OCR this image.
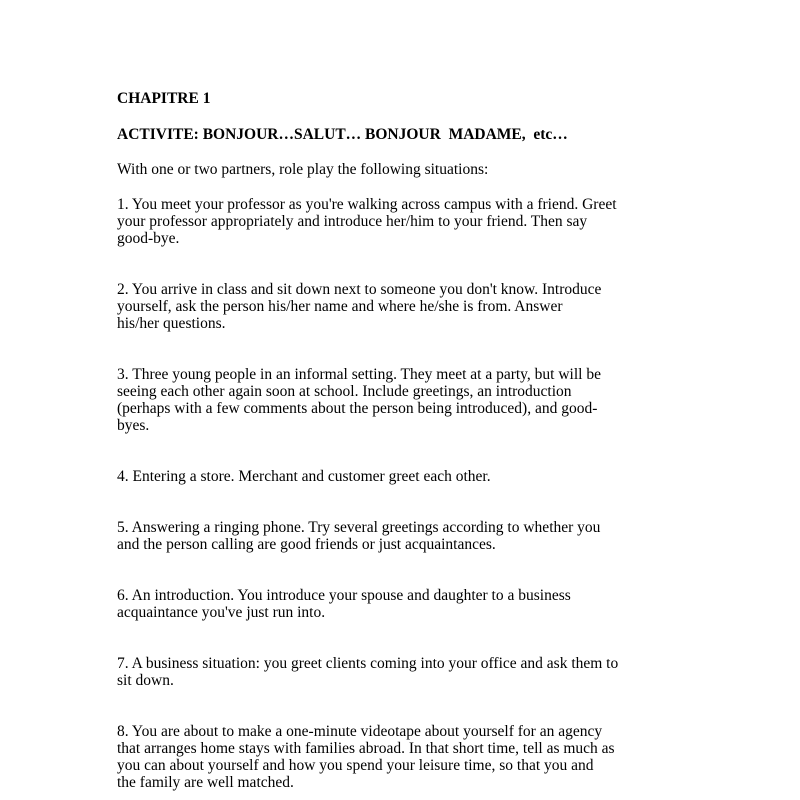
CHAPITRE 1
ACTIVITE: BONJOUR…SALUT… BONJOUR  MADAME,  etc…
With one or two partners, role play the following situations:
1. You meet your professor as you're walking across campus with a friend. Greet
your professor appropriately and introduce her/him to your friend. Then say
good-bye.
2. You arrive in class and sit down next to someone you don't know. Introduce
yourself, ask the person his/her name and where he/she is from. Answer
his/her questions.
3. Three young people in an informal setting. They meet at a party, but will be
seeing each other again soon at school. Include greetings, an introduction
(perhaps with a few comments about the person being introduced), and good-
byes.
4. Entering a store. Merchant and customer greet each other.
5. Answering a ringing phone. Try several greetings according to whether you
and the person calling are good friends or just acquaintances.
6. An introduction. You introduce your spouse and daughter to a business
acquaintance you've just run into.
7. A business situation: you greet clients coming into your office and ask them to
sit down.
8. You are about to make a one-minute videotape about yourself for an agency
that arranges home stays with families abroad. In that short time, tell as much as
you can about yourself and how you spend your leisure time, so that you and
the family are well matched.
